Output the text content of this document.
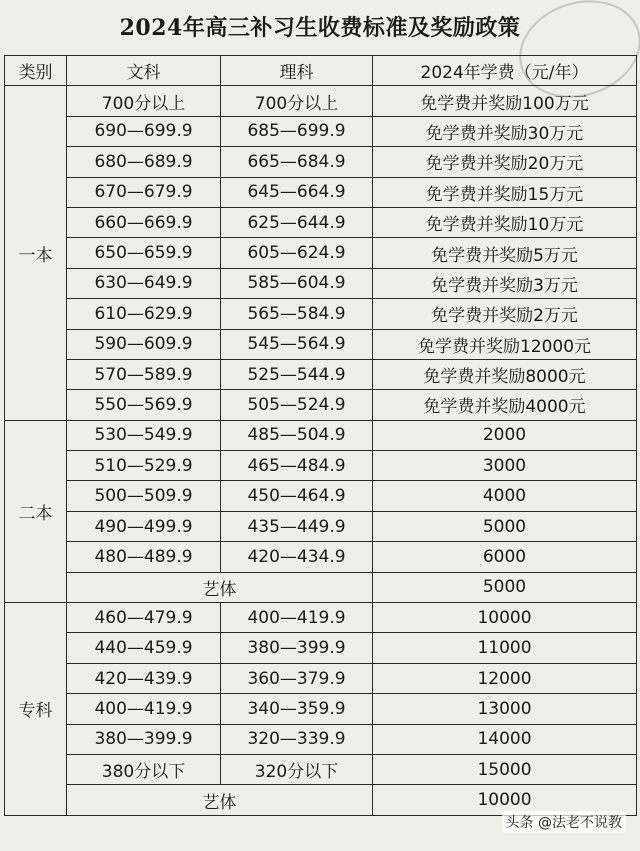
2024年高三补习生收费标准及奖励政策
类别	文科	理科	2024年学费（元/年）
一本	700分以上	700分以上	免学费并奖励100万元
	690—699.9	685—699.9	免学费并奖励30万元
	680—689.9	665—684.9	免学费并奖励20万元
	670—679.9	645—664.9	免学费并奖励15万元
	660—669.9	625—644.9	免学费并奖励10万元
	650—659.9	605—624.9	免学费并奖励5万元
	630—649.9	585—604.9	免学费并奖励3万元
	610—629.9	565—584.9	免学费并奖励2万元
	590—609.9	545—564.9	免学费并奖励12000元
	570—589.9	525—544.9	免学费并奖励8000元
	550—569.9	505—524.9	免学费并奖励4000元
二本	530—549.9	485—504.9	2000
	510—529.9	465—484.9	3000
	500—509.9	450—464.9	4000
	490—499.9	435—449.9	5000
	480—489.9	420—434.9	6000
	艺体		5000
专科	460—479.9	400—419.9	10000
	440—459.9	380—399.9	11000
	420—439.9	360—379.9	12000
	400—419.9	340—359.9	13000
	380—399.9	320—339.9	14000
	380分以下	320分以下	15000
	艺体		10000
头条 @法老不说教
